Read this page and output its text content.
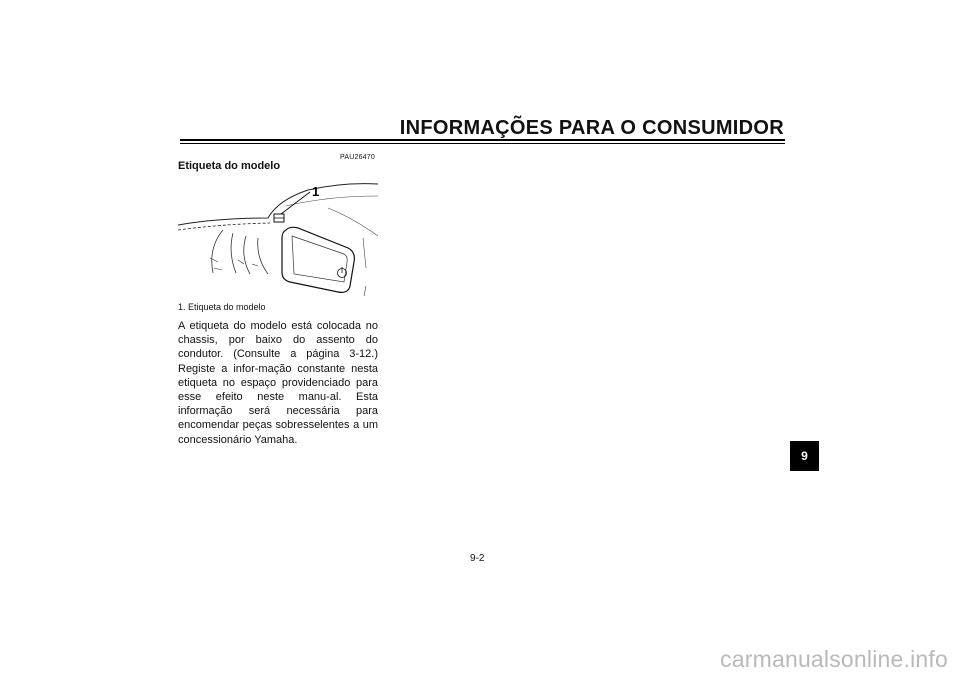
INFORMAÇÕES PARA O CONSUMIDOR
PAU26470
Etiqueta do modelo
1
1. Etiqueta do modelo

A etiqueta do modelo está colocada no chassis, por baixo do assento do condutor. (Consulte a página 3-12.) Registe a infor-mação constante nesta etiqueta no espaço providenciado para esse efeito neste manu-al. Esta informação será necessária para encomendar peças sobresselentes a um concessionário Yamaha.

9
9-2
carmanualsonline.info
